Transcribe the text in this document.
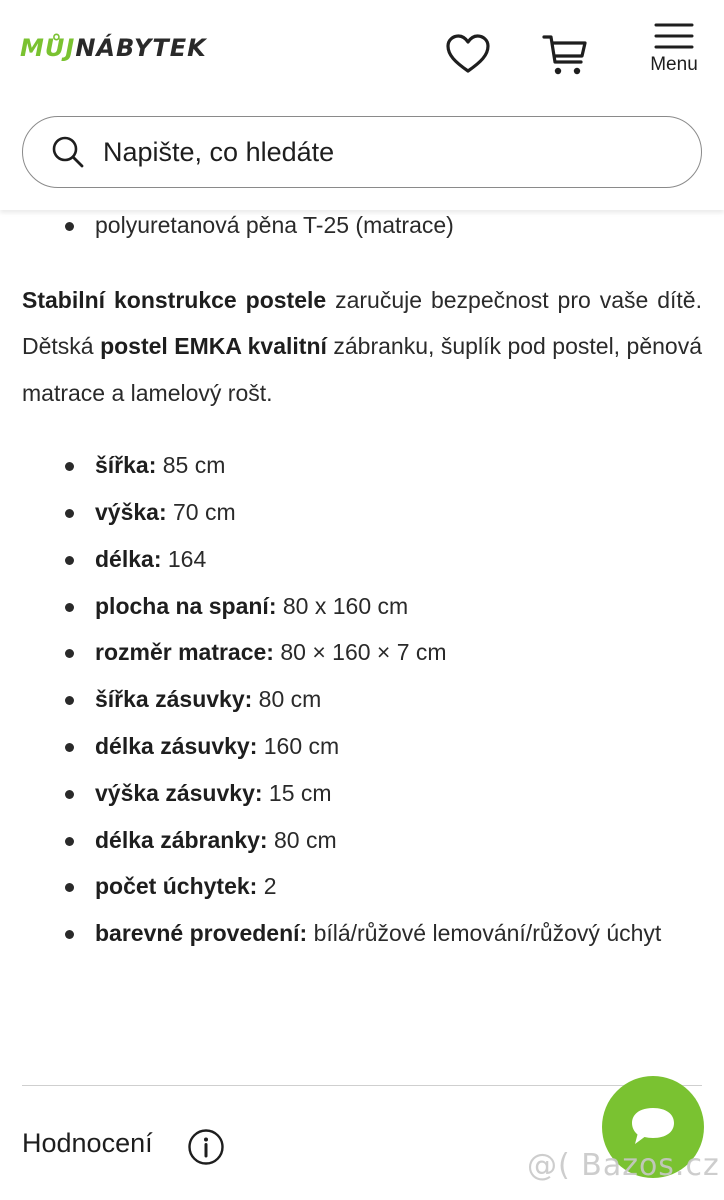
MŮJNÁBYTEK
Menu
Napište, co hledáte
polyuretanová pěna T-25 (matrace)

Stabilní konstrukce postele zaručuje bezpečnost pro vaše dítě. Dětská postel EMKA kvalitní zábranku, šuplík pod postel, pěnová matrace a lamelový rošt.

šířka: 85 cm
výška: 70 cm
délka: 164
plocha na spaní: 80 x 160 cm
rozměr matrace: 80 × 160 × 7 cm
šířka zásuvky: 80 cm
délka zásuvky: 160 cm
výška zásuvky: 15 cm
délka zábranky: 80 cm
počet úchytek: 2
barevné provedení: bílá/růžové lemování/růžový úchyt
Hodnocení
@( Bazos.cz
